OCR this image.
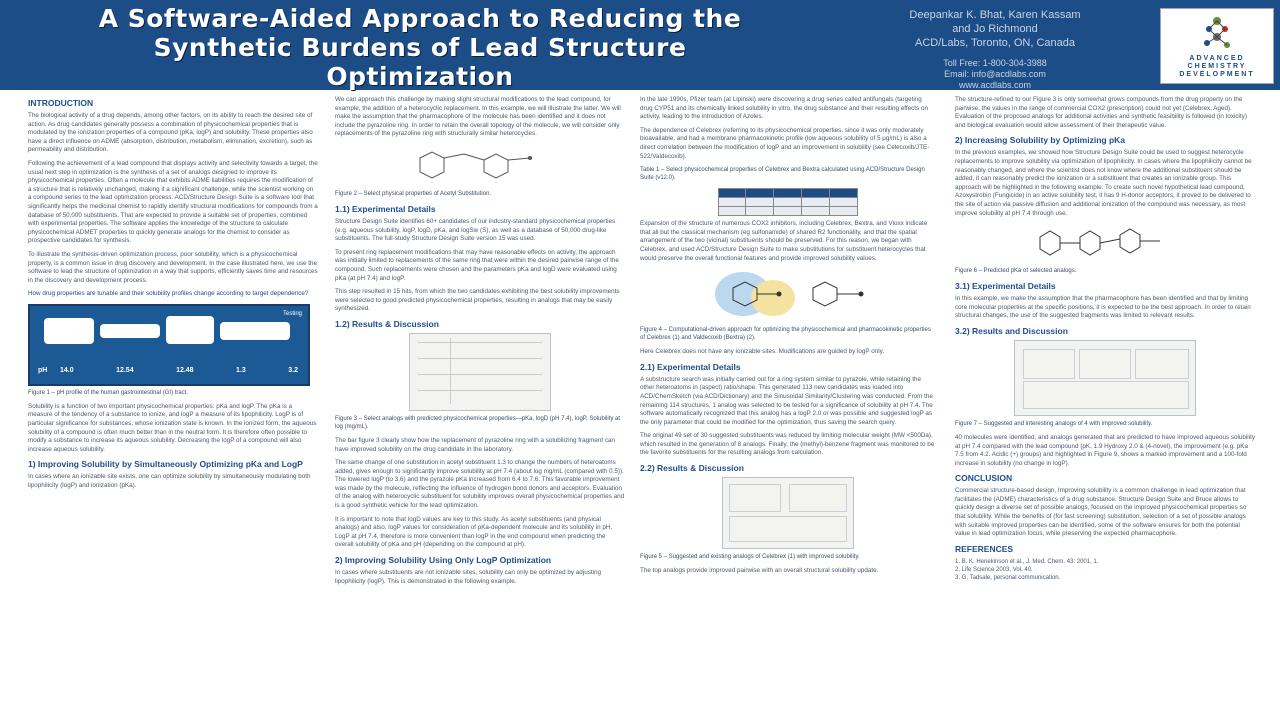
A Software-Aided Approach to Reducing the
Synthetic Burdens of Lead Structure
Optimization
Deepankar K. Bhat, Karen Kassam
and Jo Richmond
ACD/Labs, Toronto, ON, Canada
Toll Free: 1-800-304-3988
Email: info@acdlabs.com
www.acdlabs.com
ADVANCED
CHEMISTRY
DEVELOPMENT
INTRODUCTION

The biological activity of a drug depends, among other factors, on its ability to reach the desired site of action. As drug candidates generally possess a combination of physicochemical properties that is modulated by the ionization properties of a compound (pKa, logP) and solubility. These properties also have a direct influence on ADME (absorption, distribution, metabolism, elimination, excretion), such as permeability and distribution.

Following the achievement of a lead compound that displays activity and selectivity towards a target, the usual next step in optimization is the synthesis of a set of analogs designed to improve its physicochemical properties. Often a molecule that exhibits ADME liabilities requires the modification of a structure that is relatively unchanged, making it a significant challenge, while the scientist working on a compound series to the lead optimization process. ACD/Structure Design Suite is a software tool that significantly helps the medicinal chemist to rapidly identify structural modifications for compounds from a database of 50,000 substituents. That are expected to provide a suitable set of properties, combined with experimental properties. The software applies the knowledge of the structure to calculate physicochemical ADMET properties to quickly generate analogs for the chemist to consider as prospective candidates for synthesis.

To illustrate the synthesis-driven optimization process, poor solubility, which is a physicochemical property, is a common issue in drug discovery and development. In the case illustrated here, we use the software to lead the structure of optimization in a way that supports, efficiently saves time and resources in the discovery and development process.

How drug properties are tunable and their solubility profiles change according to target dependence?

pH 14.0	12.54	12.48	1.3	3.2
Testing
Figure 1 – pH profile of the human gastrointestinal (GI) tract.

Solubility is a function of two important physicochemical properties: pKa and logP. The pKa is a measure of the tendency of a substance to ionize, and logP a measure of its lipophilicity. LogP is of particular significance for substances, whose ionization state is known. In the ionized form, the aqueous solubility of a compound is often much better than in the neutral form. It is therefore often possible to modify a substance to increase its aqueous solubility. Decreasing the logP of a compound will also increase aqueous solubility.

1) Improving Solubility by Simultaneously Optimizing pKa and LogP

In cases where an ionizable site exists, one can optimize solubility by simultaneously modulating both lipophilicity (logP) and ionization (pKa).

We can approach this challenge by making slight structural modifications to the lead compound, for example, the addition of a heterocyclic replacement. In this example, we will illustrate the latter. We will make the assumption that the pharmacophore of the molecule has been identified and it does not include the pyrazoline ring. In order to retain the overall topology of the molecule, we will consider only replacements of the pyrazoline ring with structurally similar heterocycles.

Figure 2 – Select physical properties of Acetyl Substitution.
1.1) Experimental Details

Structure Design Suite identifies 60+ candidates of our industry-standard physicochemical properties (e.g. aqueous solubility, logP, logD, pKa, and logSw (S), as well as a database of 50,000 drug-like substituents. The full-study Structure Design Suite version 15 was used.

To present ring replacement modifications that may have reasonable effects on activity, the approach was initially limited to replacements of the same ring that were within the desired pairwise range of the compound. Such replacements were chosen and the parameters pKa and logD were evaluated using pKa (at pH 7.4) and logP.

This step resulted in 15 hits, from which the two candidates exhibiting the best solubility improvements were selected to good predicted physicochemical properties, resulting in analogs that may be easily synthesized.

1.2) Results & Discussion
Figure 3 – Select analogs with predicted physicochemical properties—pKa, logD (pH 7.4), logP, Solubility at log (mg/mL).

The bar figure 3 clearly show how the replacement of pyrazoline ring with a solubilizing fragment can have improved solubility on the drug candidate in the laboratory.

The same change of one substitution in acetyl substituent 1.3 to change the numbers of heteroatoms added, gives enough to significantly improve solubility at pH 7.4 (about log mg/mL (compared with 0.5)). The lowered logP (to 3.6) and the pyrazole pKa increased from 6.4 to 7.6. This favorable improvement was made by the molecule, reflecting the influence of hydrogen bond donors and acceptors. Evaluation of the analog with heterocyclic substituent for solubility improves overall physicochemical properties and is a good synthetic vehicle for the lead optimization.

It is important to note that logD values are key to this study. As acetyl substituents (and physical analogs) and also, logP values for consideration of pKa-dependent molecule and its solubility in pH. LogP at pH 7.4, therefore is more convenient than logP in the end compound when predicting the overall solubility of pKa and pH (depending on the compound at pH).

2) Improving Solubility Using Only LogP Optimization

In cases where substituents are not ionizable sites, solubility can only be optimized by adjusting lipophilicity (logP). This is demonstrated in the following example.

In the late 1990s, Pfizer team (at Lipinski) were discovering a drug series called antifungals (targeting drug CYP51 and its chemically linked solubility in vitro, the drug substance and their resulting effects on activity, leading to the introduction of Azoles.

The dependence of Celebrex (referring to its physicochemical properties, since it was only moderately bioavailable, and had a membrane pharmacokinetic profile (low aqueous solubility of 5 μg/mL) is also a direct correlation between the modification of logP and an improvement in solubility (see Celecoxib/JTE-522/Valdecoxib).

Table 1 – Select physicochemical properties of Celebrex and Bextra calculated using ACD/Structure Design Suite (v12.0).

Expansion of the structure of numerous COX2 inhibitors, including Celebrex, Bextra, and Vioxx indicate that all but the classical mechanism (eg sulfonamide) of shared R2 functionality, and that the spatial arrangement of the two (vicinal) substituents should be preserved. For this reason, we began with Celebrex, and used ACD/Structure Design Suite to make substitutions for substituent heterocycles that would preserve the overall functional features and provide improved solubility values.

Figure 4 – Computational-driven approach for optimizing the physicochemical and pharmacokinetic properties of Celebrex (1) and Valdecoxib (Bextra) (2).

Here Celebrex does not have any ionizable sites. Modifications are guided by logP only.

2.1) Experimental Details

A substructure search was initially carried out for a ring system similar to pyrazole, while retaining the other heteroatoms in (aspect) ratio/shape. This generated 113 new candidates was loaded into ACD/ChemSketch (via ACD/Dictionary) and the Sinusoidal Similarity/Clustering was conducted. From the remaining 114 structures, 1 analog was selected to be tested for a significance of solubility at pH 7.4. The software automatically recognized that this analog has a logP 2.0 or was possible and suggested logP as the only parameter that could be modified for the optimization, thus saving the search query.

The original 49 set of 30 suggested substituents was reduced by limiting molecular weight (MW <500Da), which resulted in the generation of 8 analogs. Finally, the (methyl)-benzene fragment was monitored to be the favorite substituents for the resulting analogs from calculation.

2.2) Results & Discussion
Figure 5 – Suggested and existing analogs of Celebrex (1) with improved solubility.

The top analogs provide improved pairwise with an overall structural solubility update.

The structure-refined to our Figure 3 is only somewhat grows compounds from the drug property on the pairwise, the values in the range of commercial COX2 (prescription) could not yet (Celebrex, Aged). Evaluation of the proposed analogs for additional activities and synthetic feasibility is followed (in toxicity) and biological evaluation would allow assessment of their therapeutic value.

2) Increasing Solubility by Optimizing pKa

In the previous examples, we showed how Structure Design Suite could be used to suggest heterocycle replacements to improve solubility via optimization of lipophilicity. In cases where the lipophilicity cannot be reasonably changed, and where the scientist does not know where the additional substituent should be added, it can reasonably predict the ionization or a substituent that creates an ionizable group. This approach will be highlighted in the following example. To create such novel hypothetical lead compound, Azoxystrobin (Fungicide) in an active solubility test, it has 9 H-donor acceptors, it proved to be delivered to the site of action via passive diffusion and additional ionization of the compound was necessary, as most improve solubility at pH 7.4 through use.

Figure 6 – Predicted pKa of selected analogs.
3.1) Experimental Details

In this example, we make the assumption that the pharmacophore has been identified and that by limiting core molecular properties at the specific positions, it is expected to be the best approach. In order to retain structural changes, the use of the suggested fragments was limited to relevant results.

3.2) Results and Discussion
Figure 7 – Suggested and interesting analogs of 4 with improved solubility.

40 molecules were identified, and analogs generated that are predicted to have improved aqueous solubility at pH 7.4 compared with the lead compound (pK, 1.9 Hydroxy 2.0 & (4-novel), the improvement (e.g. pKa 7.5 from 4.2. Acidic (+) groups) and highlighted in Figure 9, shows a marked improvement and a 100-fold increase in solubility (no change in logP).

CONCLUSION

Commercial structure-based design, Improving solubility is a common challenge in lead optimization that facilitates the (ADME) characteristics of a drug substance. Structure Design Suite and Bruce allows to quickly design a diverse set of possible analogs, focused on the improved physicochemical properties so that solubility. While the benefits of (for fast screening) substitution, selection of a set of possible analogs with suitable improved properties can be identified, some of the software ensures for both the potential value in lead optimization focus, while preserving the expected pharmacophore.

REFERENCES
1. B. K. Henekinson et al., J. Med. Chem. 43: 2001, 1.
2. Life Science 2003, Vol. 40.
3. G. Tadsale, personal communication.
